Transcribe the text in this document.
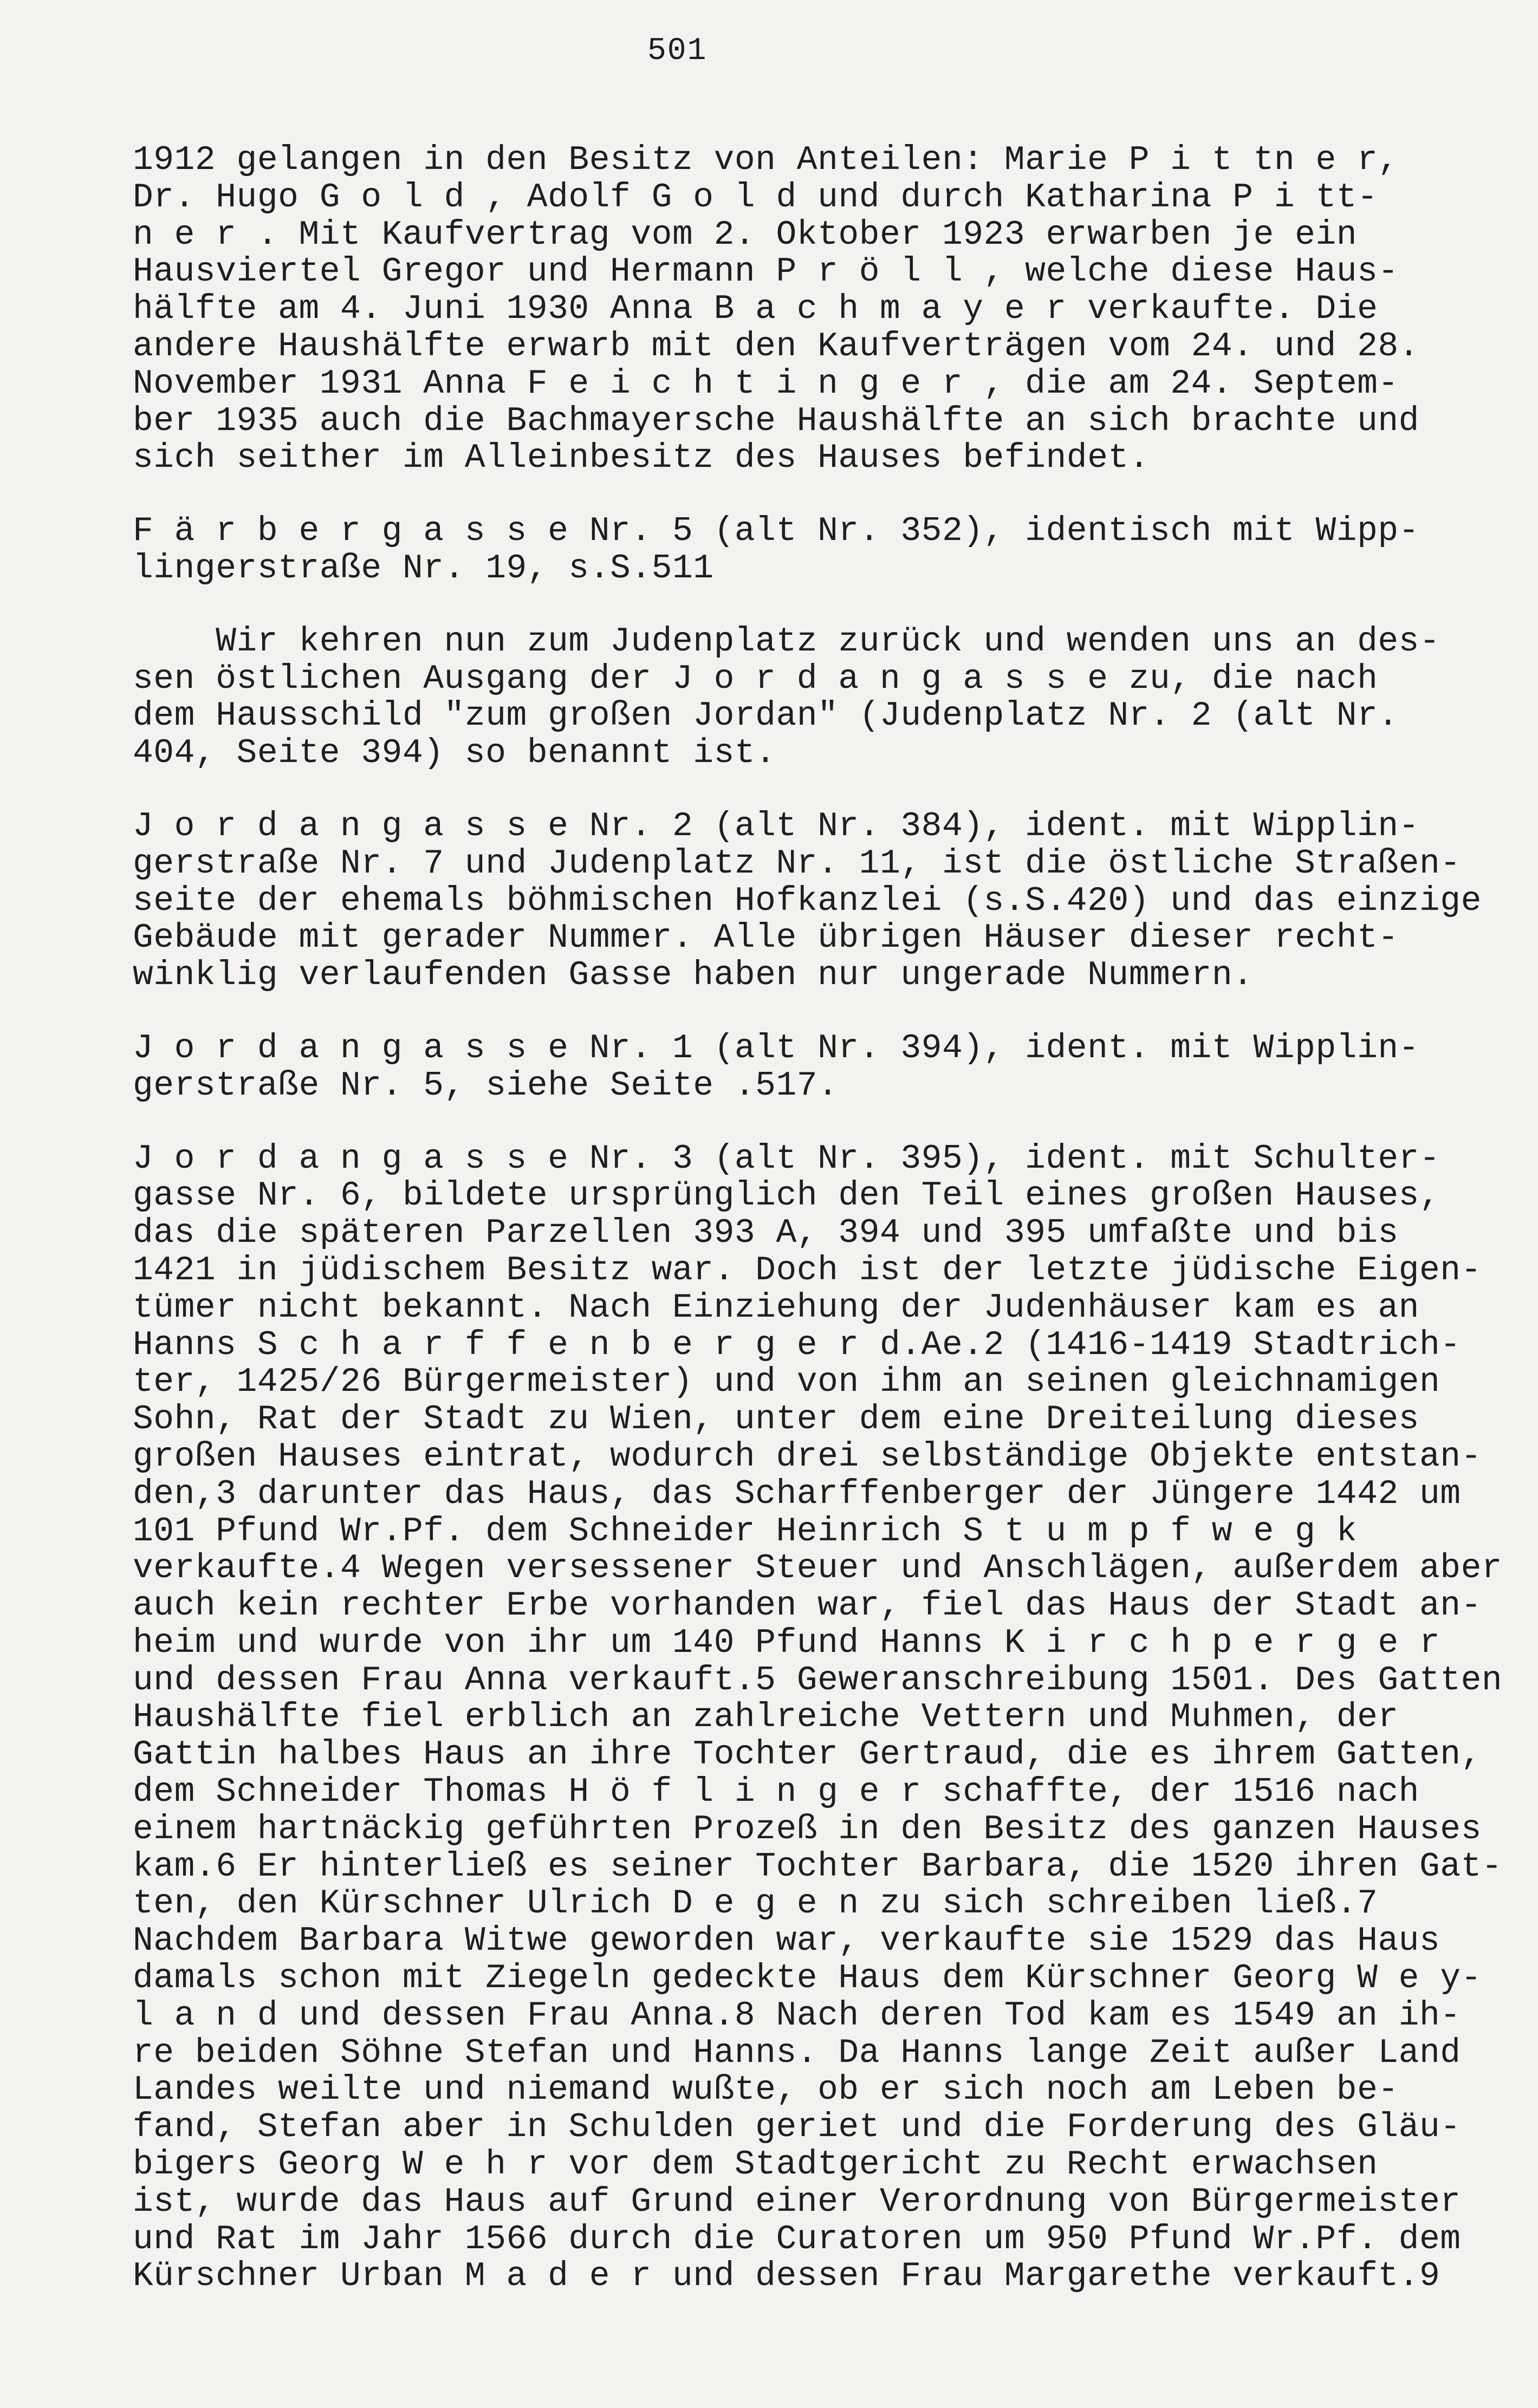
501
1912 gelangen in den Besitz von Anteilen: Marie P i t tn e r,
Dr. Hugo G o l d , Adolf G o l d und durch Katharina P i tt-
n e r . Mit Kaufvertrag vom 2. Oktober 1923 erwarben je ein
Hausviertel Gregor und Hermann P r ö l l , welche diese Haus-
hälfte am 4. Juni 1930 Anna B a c h m a y e r verkaufte. Die
andere Haushälfte erwarb mit den Kaufverträgen vom 24. und 28.
November 1931 Anna F e i c h t i n g e r , die am 24. Septem-
ber 1935 auch die Bachmayersche Haushälfte an sich brachte und
sich seither im Alleinbesitz des Hauses befindet.
F ä r b e r g a s s e Nr. 5 (alt Nr. 352), identisch mit Wipp-
lingerstraße Nr. 19, s.S.511
Wir kehren nun zum Judenplatz zurück und wenden uns an des-
sen östlichen Ausgang der J o r d a n g a s s e zu, die nach
dem Hausschild "zum großen Jordan" (Judenplatz Nr. 2 (alt Nr.
404, Seite 394) so benannt ist.
J o r d a n g a s s e Nr. 2 (alt Nr. 384), ident. mit Wipplin-
gerstraße Nr. 7 und Judenplatz Nr. 11, ist die östliche Straßen-
seite der ehemals böhmischen Hofkanzlei (s.S.420) und das einzige
Gebäude mit gerader Nummer. Alle übrigen Häuser dieser recht-
winklig verlaufenden Gasse haben nur ungerade Nummern.
J o r d a n g a s s e Nr. 1 (alt Nr. 394), ident. mit Wipplin-
gerstraße Nr. 5, siehe Seite .517.
J o r d a n g a s s e Nr. 3 (alt Nr. 395), ident. mit Schulter-
gasse Nr. 6, bildete ursprünglich den Teil eines großen Hauses,
das die späteren Parzellen 393 A, 394 und 395 umfaßte und bis
1421 in jüdischem Besitz war. Doch ist der letzte jüdische Eigen-
tümer nicht bekannt. Nach Einziehung der Judenhäuser kam es an
Hanns S c h a r f f e n b e r g e r d.Ae.2 (1416-1419 Stadtrich-
ter, 1425/26 Bürgermeister) und von ihm an seinen gleichnamigen
Sohn, Rat der Stadt zu Wien, unter dem eine Dreiteilung dieses
großen Hauses eintrat, wodurch drei selbständige Objekte entstan-
den,3 darunter das Haus, das Scharffenberger der Jüngere 1442 um
101 Pfund Wr.Pf. dem Schneider Heinrich S t u m p f w e g k
verkaufte.4 Wegen versessener Steuer und Anschlägen, außerdem aber
auch kein rechter Erbe vorhanden war, fiel das Haus der Stadt an-
heim und wurde von ihr um 140 Pfund Hanns K i r c h p e r g e r
und dessen Frau Anna verkauft.5 Geweranschreibung 1501. Des Gatten
Haushälfte fiel erblich an zahlreiche Vettern und Muhmen, der
Gattin halbes Haus an ihre Tochter Gertraud, die es ihrem Gatten,
dem Schneider Thomas H ö f l i n g e r schaffte, der 1516 nach
einem hartnäckig geführten Prozeß in den Besitz des ganzen Hauses
kam.6 Er hinterließ es seiner Tochter Barbara, die 1520 ihren Gat-
ten, den Kürschner Ulrich D e g e n zu sich schreiben ließ.7
Nachdem Barbara Witwe geworden war, verkaufte sie 1529 das Haus
damals schon mit Ziegeln gedeckte Haus dem Kürschner Georg W e y-
l a n d und dessen Frau Anna.8 Nach deren Tod kam es 1549 an ih-
re beiden Söhne Stefan und Hanns. Da Hanns lange Zeit außer Land
Landes weilte und niemand wußte, ob er sich noch am Leben be-
fand, Stefan aber in Schulden geriet und die Forderung des Gläu-
bigers Georg W e h r vor dem Stadtgericht zu Recht erwachsen
ist, wurde das Haus auf Grund einer Verordnung von Bürgermeister
und Rat im Jahr 1566 durch die Curatoren um 950 Pfund Wr.Pf. dem
Kürschner Urban M a d e r und dessen Frau Margarethe verkauft.9
